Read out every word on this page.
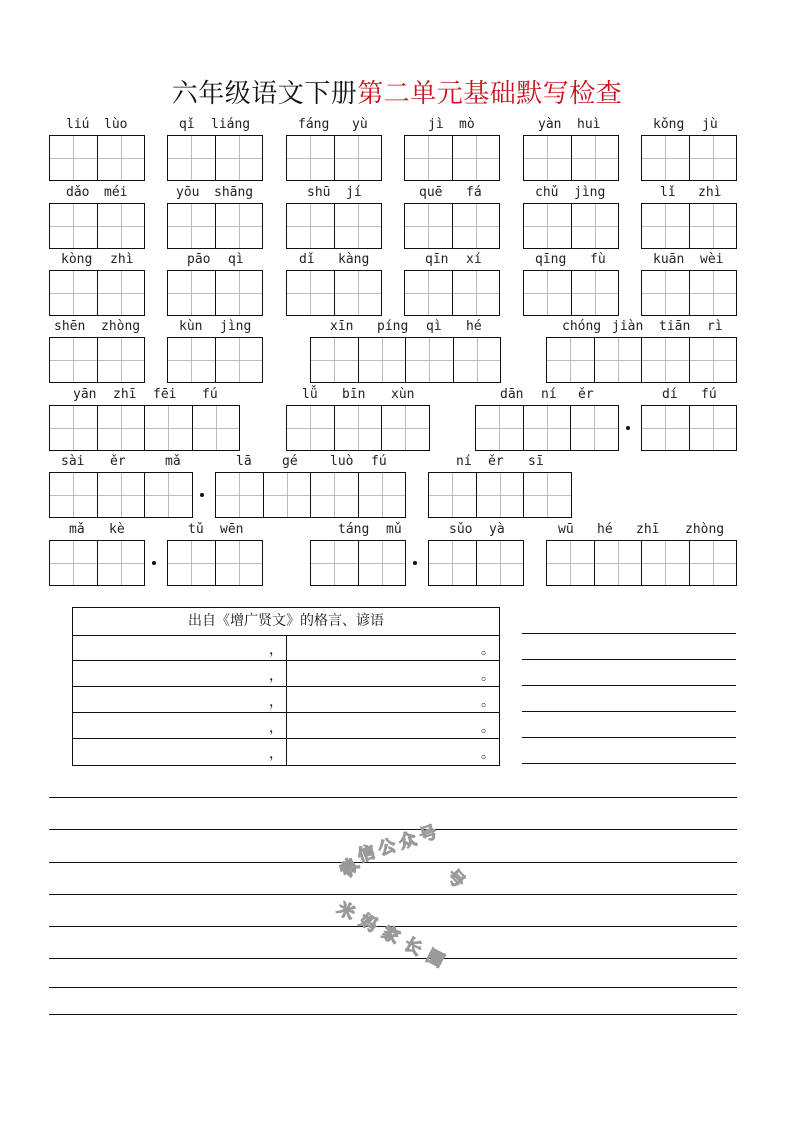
六年级语文下册第二单元基础默写检查
liú lùo	qǐ liáng	fáng yù	jì mò	yàn huì	kǒng jù
dǎo méi	yōu shāng	shū jí	quē fá	chǔ jìng	lǐ zhì
kòng zhì	pāo qì	dǐ kàng	qīn xí	qīng fù	kuān wèi
shēn zhòng	kùn jìng	xīn píng qì hé	chóng jiàn tiān rì
yān zhī fēi fú	lǚ bīn xùn	dān ní ěr	dí fú
sài ěr	mǎ	lā gé luò fú	ní ěr sī
mǎ kè	tǔ wēn	táng mǔ	sǔo yà	wū hé zhī zhòng
出自《增广贤文》的格言、谚语
，	。
，	。
，	。
，	。
，	。
微
信公众号
号
米妈家长圈
